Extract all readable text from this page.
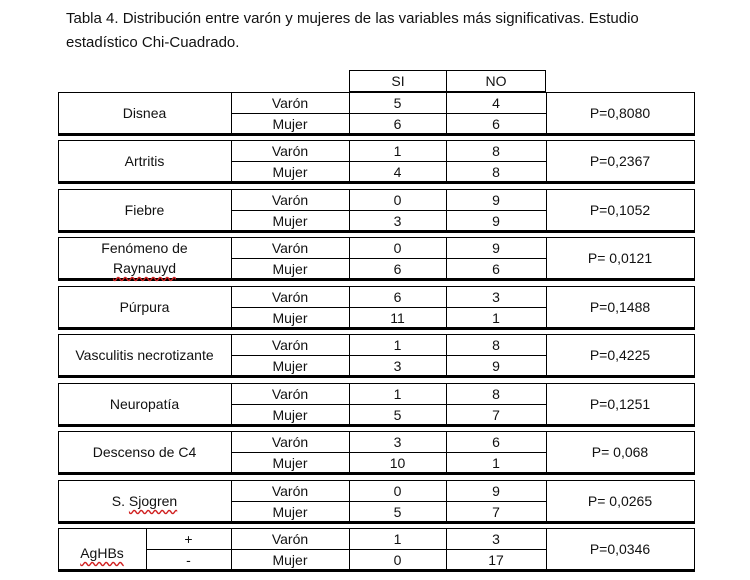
Tabla 4. Distribución entre varón y mujeres de las variables más significativas. Estudio
estadístico Chi-Cuadrado.
SI	NO
Disnea
Varón
Mujer
5
6
4
6
P=0,8080
Artritis
Varón
Mujer
1
4
8
8
P=0,2367
Fiebre
Varón
Mujer
0
3
9
9
P=0,1052
Fenómeno de
Raynauyd
Varón
Mujer
0
6
9
6
P= 0,0121
Púrpura
Varón
Mujer
6
11
3
1
P=0,1488
Vasculitis necrotizante
Varón
Mujer
1
3
8
9
P=0,4225
Neuropatía
Varón
Mujer
1
5
8
7
P=0,1251
Descenso de C4
Varón
Mujer
3
10
6
1
P= 0,068
S. Sjogren
Varón
Mujer
0
5
9
7
P= 0,0265
AgHBs
+
-
Varón
Mujer
1
0
3
17
P=0,0346
